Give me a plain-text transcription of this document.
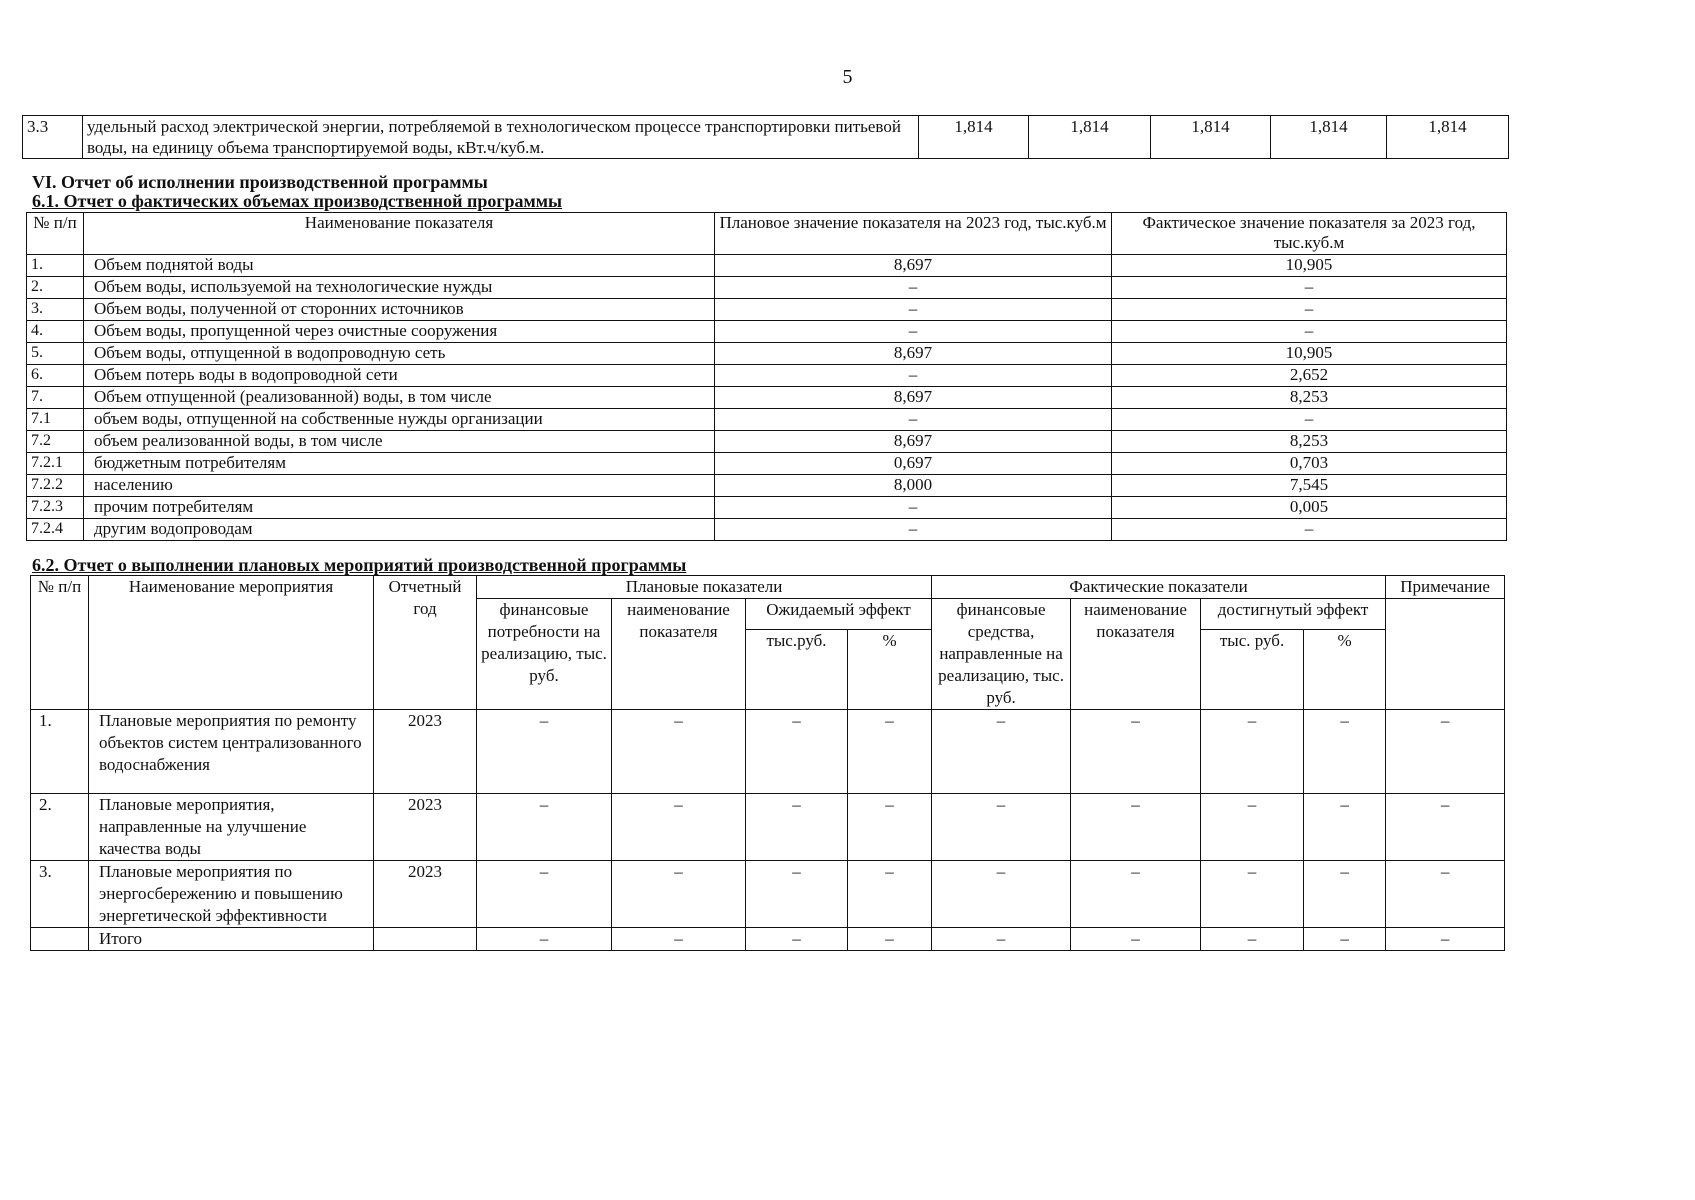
5
3.3	удельный расход электрической энергии, потребляемой в технологическом процессе транспортировки питьевой воды, на единицу объема транспортируемой воды, кВт.ч/куб.м.	1,814	1,814	1,814	1,814	1,814
VI. Отчет об исполнении производственной программы
6.1. Отчет о фактических объемах производственной программы
№ п/п	Наименование показателя	Плановое значение показателя на 2023 год, тыс.куб.м	Фактическое значение показателя за 2023 год, тыс.куб.м
1.	Объем поднятой воды	8,697	10,905
2.	Объем воды, используемой на технологические нужды	–	–
3.	Объем воды, полученной от сторонних источников	–	–
4.	Объем воды, пропущенной через очистные сооружения	–	–
5.	Объем воды, отпущенной в водопроводную сеть	8,697	10,905
6.	Объем потерь воды в водопроводной сети	–	2,652
7.	Объем отпущенной (реализованной) воды, в том числе	8,697	8,253
7.1	объем воды, отпущенной на собственные нужды организации	–	–
7.2	объем реализованной воды, в том числе	8,697	8,253
7.2.1	бюджетным потребителям	0,697	0,703
7.2.2	населению	8,000	7,545
7.2.3	прочим потребителям	–	0,005
7.2.4	другим водопроводам	–	–
6.2. Отчет о выполнении плановых мероприятий производственной программы
№ п/п	Наименование мероприятия	Отчетный год	Плановые показатели				Фактические показатели				Примечание
			финансовые потребности на реализацию, тыс. руб.	наименование показателя	Ожидаемый эффект		финансовые средства, направленные на реализацию, тыс. руб.	наименование показателя	достигнутый эффект		
					тыс.руб.	%			тыс. руб.	%	
1.	Плановые мероприятия по ремонту объектов систем централизованного водоснабжения	2023	–	–	–	–	–	–	–	–	–
2.	Плановые мероприятия, направленные на улучшение качества воды	2023	–	–	–	–	–	–	–	–	–
3.	Плановые мероприятия по энергосбережению и повышению энергетической эффективности	2023	–	–	–	–	–	–	–	–	–
	Итого		–	–	–	–	–	–	–	–	–
